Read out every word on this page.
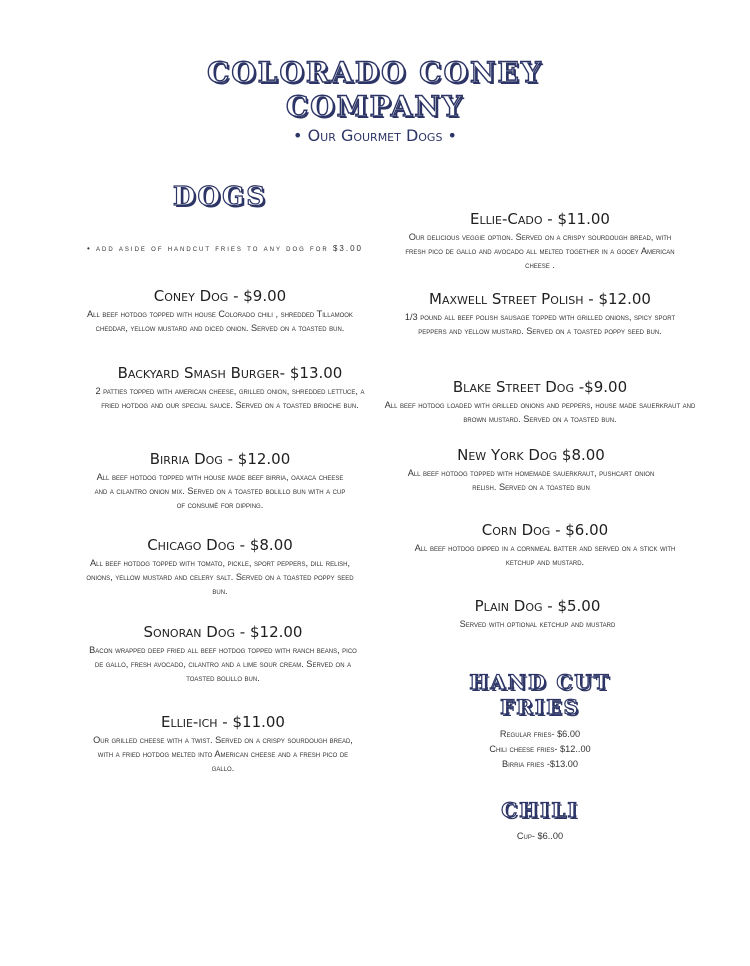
COLORADO CONEY
COMPANY
• Our Gourmet Dogs •
DOGS
• add aside of handcut fries to any dog for $3.00
Coney Dog - $9.00
All beef hotdog topped with house Colorado chili , shredded Tillamook cheddar, yellow mustard and diced onion. Served on a toasted bun.
Backyard Smash Burger- $13.00
2 patties topped with american cheese, grilled onion, shredded lettuce, a fried hotdog and our special sauce. Served on a toasted brioche bun.
Birria Dog - $12.00
All beef hotdog topped with house made beef birria, oaxaca cheese and a cilantro onion mix. Served on a toasted bolillo bun with a cup of consumè for dipping.
Chicago Dog - $8.00
All beef hotdog topped with tomato, pickle, sport peppers, dill relish, onions, yellow mustard and celery salt. Served on a toasted poppy seed bun.
Sonoran Dog - $12.00
Bacon wrapped deep fried all beef hotdog topped with ranch beans, pico de gallo, fresh avocado, cilantro and a lime sour cream. Served on a toasted bolillo bun.
Ellie-ich - $11.00
Our grilled cheese with a twist. Served on a crispy sourdough bread, with a fried hotdog melted into American cheese and a fresh pico de gallo.
Ellie-Cado - $11.00
Our delicious veggie option. Served on a crispy sourdough bread, with fresh pico de gallo and avocado all melted together in a gooey American cheese .
Maxwell Street Polish - $12.00
1/3 pound all beef polish sausage topped with grilled onions, spicy sport peppers and yellow mustard. Served on a toasted poppy seed bun.
Blake Street Dog -$9.00
All beef hotdog loaded with grilled onions and peppers, house made sauerkraut and brown mustard. Served on a toasted bun.
New York Dog $8.00
All beef hotdog topped with homemade sauerkraut, pushcart onion relish. Served on a toasted bun
Corn Dog - $6.00
All beef hotdog dipped in a cornmeal batter and served on a stick with ketchup and mustard.
Plain Dog - $5.00
Served with optional ketchup and mustard
HAND CUT
FRIES
Regular fries- $6.00
Chili cheese fries- $12..00
Birria fries -$13.00
CHILI
Cup- $6..00
